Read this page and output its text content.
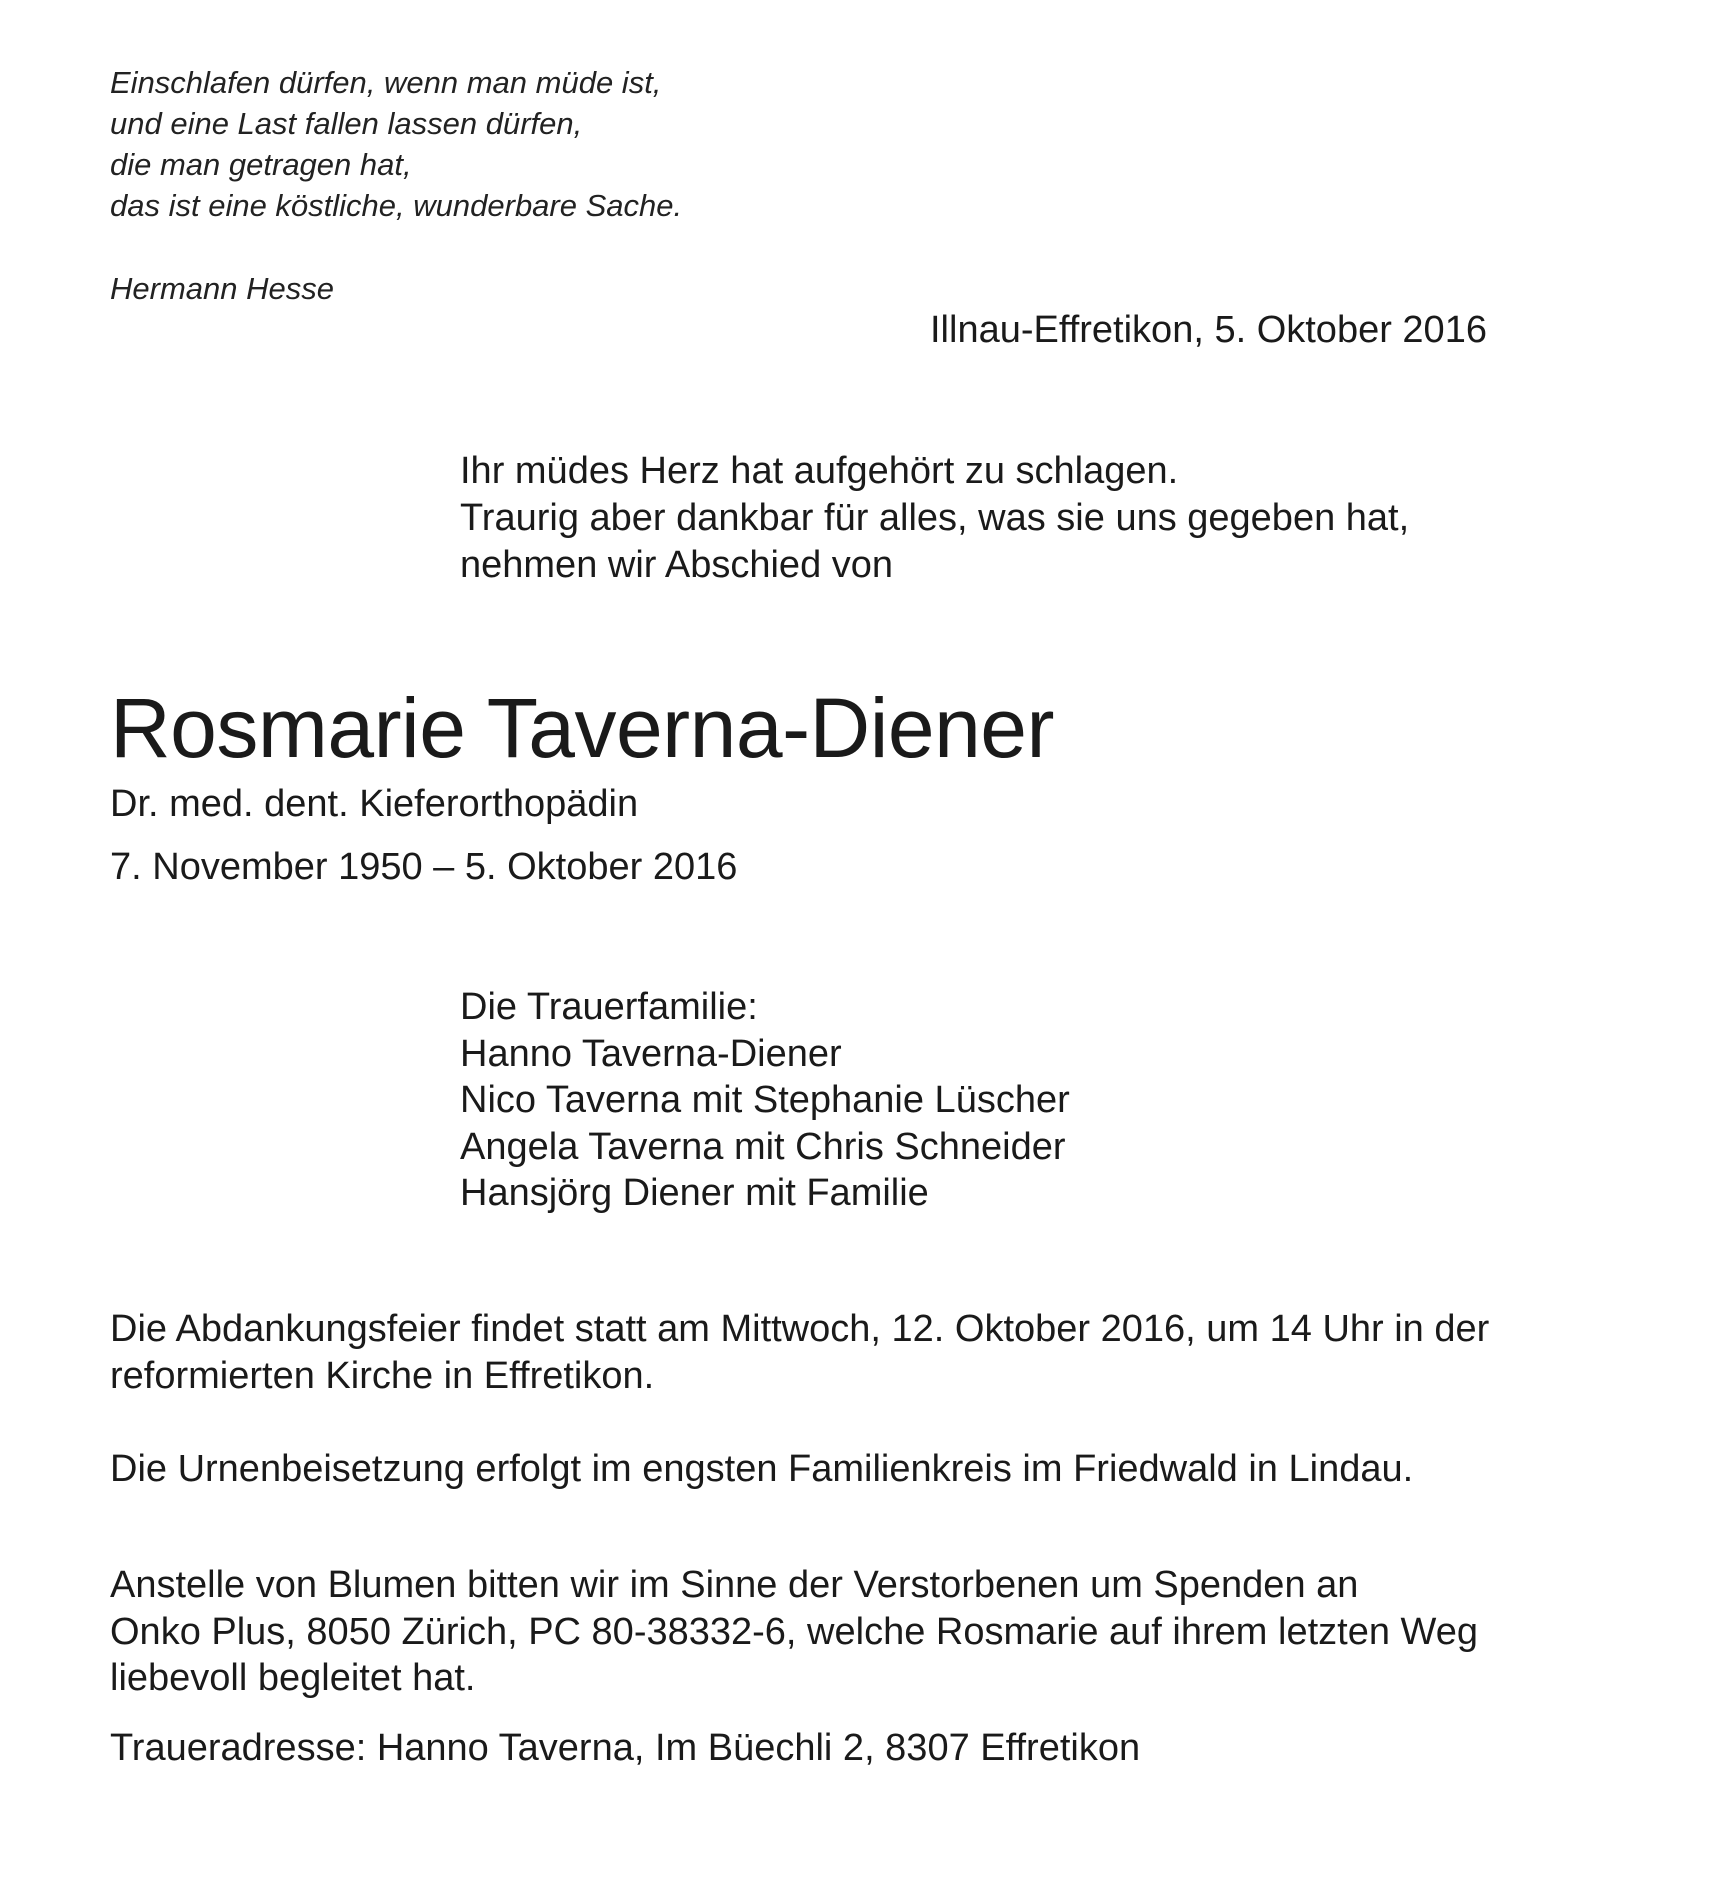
Einschlafen dürfen, wenn man müde ist,
und eine Last fallen lassen dürfen,
die man getragen hat,
das ist eine köstliche, wunderbare Sache.
Hermann Hesse
Illnau-Effretikon, 5. Oktober 2016
Ihr müdes Herz hat aufgehört zu schlagen.
Traurig aber dankbar für alles, was sie uns gegeben hat,
nehmen wir Abschied von
Rosmarie Taverna-Diener
Dr. med. dent. Kieferorthopädin
7. November 1950 – 5. Oktober 2016
Die Trauerfamilie:
Hanno Taverna-Diener
Nico Taverna mit Stephanie Lüscher
Angela Taverna mit Chris Schneider
Hansjörg Diener mit Familie
Die Abdankungsfeier findet statt am Mittwoch, 12. Oktober 2016, um 14 Uhr in der
reformierten Kirche in Effretikon.
Die Urnenbeisetzung erfolgt im engsten Familienkreis im Friedwald in Lindau.
Anstelle von Blumen bitten wir im Sinne der Verstorbenen um Spenden an
Onko Plus, 8050 Zürich, PC 80-38332-6, welche Rosmarie auf ihrem letzten Weg
liebevoll begleitet hat.
Traueradresse: Hanno Taverna, Im Büechli 2, 8307 Effretikon
